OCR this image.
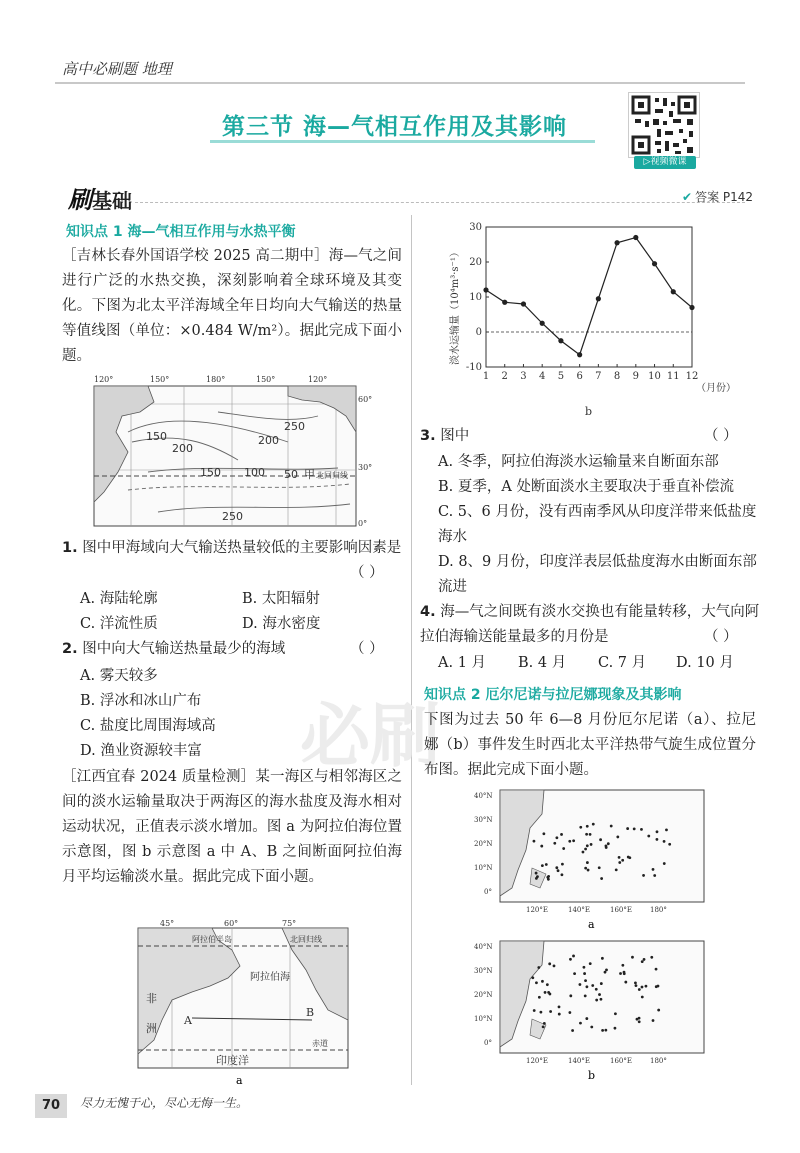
高中必刷题 地理
第三节 海—气相互作用及其影响
▷视频微课
刷基础	✔ 答案 P142
必刷
知识点 1 海—气相互作用与水热平衡
［吉林长春外国语学校 2025 高二期中］海—气之间进行广泛的水热交换，深刻影响着全球环境及其变化。下图为北太平洋海域全年日均向大气输送的热量等值线图（单位：×0.484 W/m²）。据此完成下面小题。
150
200
250
200
150 100 50
250
甲 北回归线
120°	150°	180°	150°	120°
60°
30°
0°
1. 图中甲海域向大气输送热量较低的主要影响因素是
（ ）
A. 海陆轮廓	B. 太阳辐射
C. 洋流性质	D. 海水密度
2. 图中向大气输送热量最少的海域	（ ）
A. 雾天较多
B. 浮冰和冰山广布
C. 盐度比周围海域高
D. 渔业资源较丰富
［江西宜春 2024 质量检测］某一海区与相邻海区之间的淡水运输量取决于两海区的海水盐度及海水相对运动状况，正值表示淡水增加。图 a 为阿拉伯海位置示意图，图 b 示意图 a 中 A、B 之间断面阿拉伯海月平均运输淡水量。据此完成下面小题。
45°	60°	75°
阿拉伯半岛
阿拉伯海
非
洲
印度洋
A
B
北回归线
赤道
a
30
20
10
0
-10
1 2 3 4 5 6 7 8 9 10 11 12
淡水运输量（10⁴m³·s⁻¹）
（月份）
b
3. 图中	（ ）
A. 冬季，阿拉伯海淡水运输量来自断面东部
B. 夏季，A 处断面淡水主要取决于垂直补偿流
C. 5、6 月份，没有西南季风从印度洋带来低盐度海水
D. 8、9 月份，印度洋表层低盐度海水由断面东部流进
4. 海—气之间既有淡水交换也有能量转移，大气向阿拉伯海输送能量最多的月份是	（ ）
A. 1 月 B. 4 月 C. 7 月 D. 10 月
知识点 2 厄尔尼诺与拉尼娜现象及其影响
下图为过去 50 年 6—8 月份厄尔尼诺（a）、拉尼娜（b）事件发生时西北太平洋热带气旋生成位置分布图。据此完成下面小题。
40°N
30°N
20°N
10°N
0°
120°E	140°E	160°E	180°
a
40°N
30°N
20°N
10°N
0°
120°E	140°E	160°E	180°
b
70	尽力无愧于心，尽心无悔一生。
